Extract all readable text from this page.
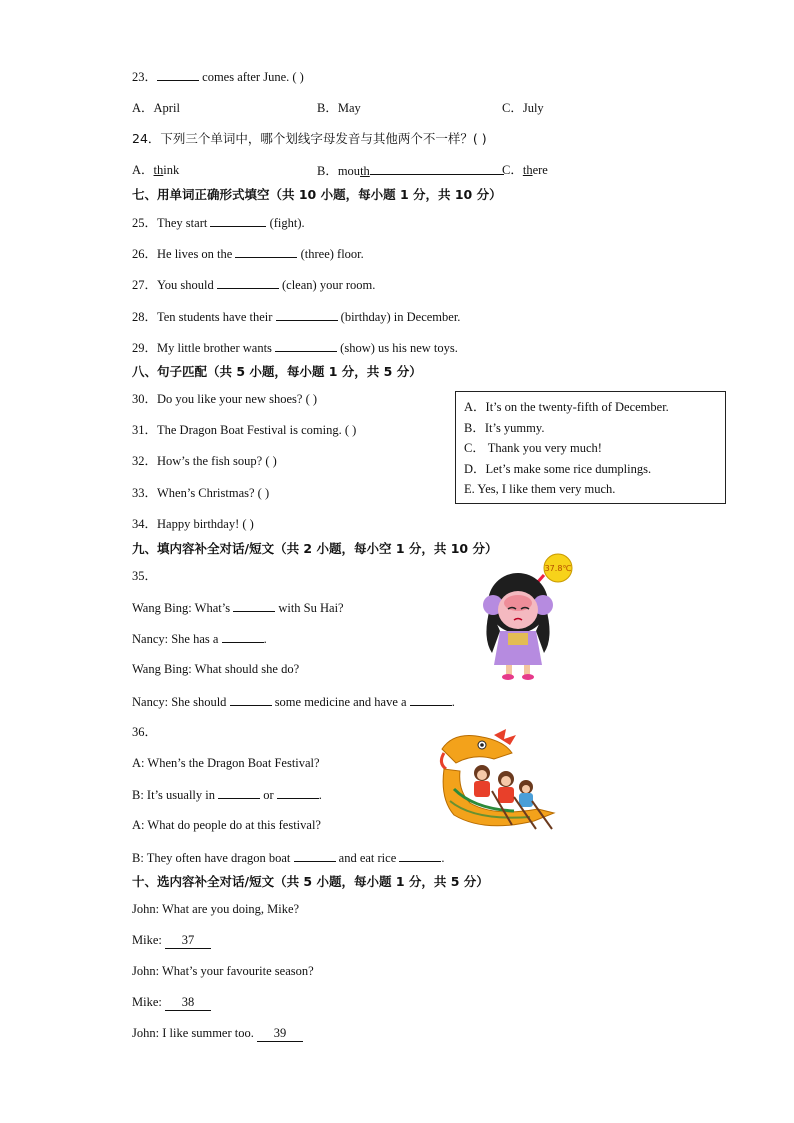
23．	comes after June. ( )
A．April	B．May	C．July
24．下列三个单词中，哪个划线字母发音与其他两个不一样？( )
A．think	B．mouth	C．there
七、用单词正确形式填空（共 10 小题，每小题 1 分，共 10 分）
25．They start	(fight).
26．He lives on the	(three) floor.
27．You should	(clean) your room.
28．Ten students have their	(birthday) in December.
29．My little brother wants	(show) us his new toys.
八、句子匹配（共 5 小题，每小题 1 分，共 5 分）
30．Do you like your new shoes? ( )
31．The Dragon Boat Festival is coming. ( )
32．How’s the fish soup? ( )
33．When’s Christmas? ( )
34．Happy birthday! ( )
A．It’s on the twenty-fifth of December.
B．It’s yummy.
C． Thank you very much!
D．Let’s make some rice dumplings.
E. Yes, I like them very much.
九、填内容补全对话/短文（共 2 小题，每小空 1 分，共 10 分）
35．
Wang Bing: What’s	with Su Hai?
Nancy: She has a	.
Wang Bing: What should she do?
Nancy: She should	some medicine and have a	.
37.8℃
36．
A: When’s the Dragon Boat Festival?
B: It’s usually in	or	.
A: What do people do at this festival?
B: They often have dragon boat	and eat rice	.
十、选内容补全对话/短文（共 5 小题，每小题 1 分，共 5 分）
John: What are you doing, Mike?
Mike: 37
John: What’s your favourite season?
Mike: 38
John: I like summer too. 39
